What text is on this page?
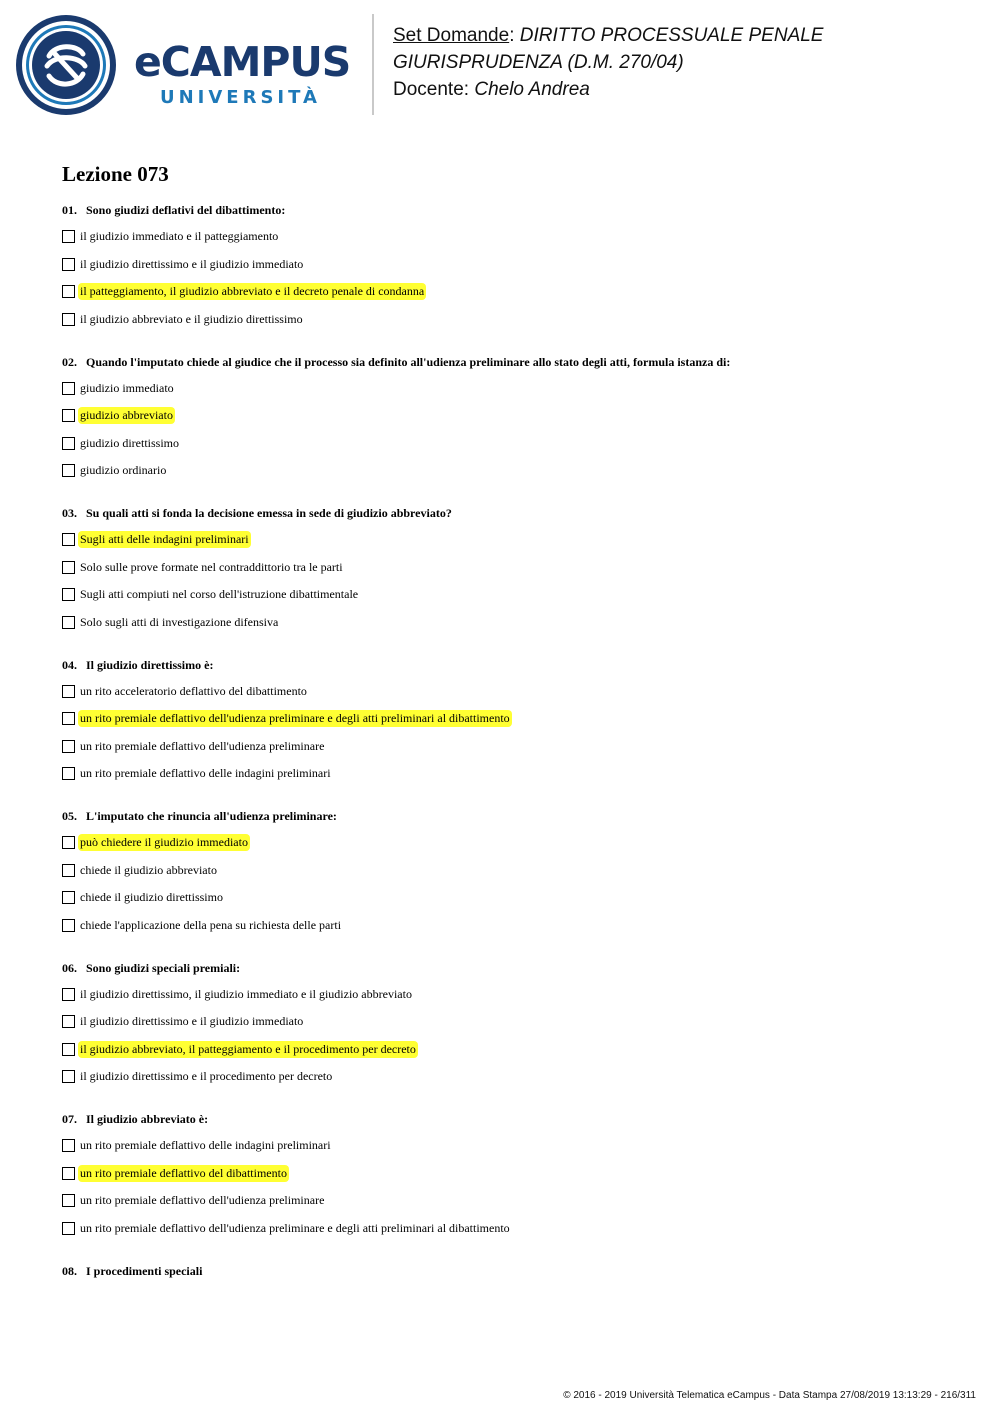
eCAMPUS
UNIVERSITÀ
Set Domande: DIRITTO PROCESSUALE PENALE
GIURISPRUDENZA (D.M. 270/04)
Docente: Chelo Andrea
Lezione 073
01. Sono giudizi deflativi del dibattimento:
il giudizio immediato e il patteggiamento
il giudizio direttissimo e il giudizio immediato
il patteggiamento, il giudizio abbreviato e il decreto penale di condanna
il giudizio abbreviato e il giudizio direttissimo
02. Quando l'imputato chiede al giudice che il processo sia definito all'udienza preliminare allo stato degli atti, formula istanza di:
giudizio immediato
giudizio abbreviato
giudizio direttissimo
giudizio ordinario
03. Su quali atti si fonda la decisione emessa in sede di giudizio abbreviato?
Sugli atti delle indagini preliminari
Solo sulle prove formate nel contraddittorio tra le parti
Sugli atti compiuti nel corso dell'istruzione dibattimentale
Solo sugli atti di investigazione difensiva
04. Il giudizio direttissimo è:
un rito acceleratorio deflattivo del dibattimento
un rito premiale deflattivo dell'udienza preliminare e degli atti preliminari al dibattimento
un rito premiale deflattivo dell'udienza preliminare
un rito premiale deflattivo delle indagini preliminari
05. L'imputato che rinuncia all'udienza preliminare:
può chiedere il giudizio immediato
chiede il giudizio abbreviato
chiede il giudizio direttissimo
chiede l'applicazione della pena su richiesta delle parti
06. Sono giudizi speciali premiali:
il giudizio direttissimo, il giudizio immediato e il giudizio abbreviato
il giudizio direttissimo e il giudizio immediato
il giudizio abbreviato, il patteggiamento e il procedimento per decreto
il giudizio direttissimo e il procedimento per decreto
07. Il giudizio abbreviato è:
un rito premiale deflattivo delle indagini preliminari
un rito premiale deflattivo del dibattimento
un rito premiale deflattivo dell'udienza preliminare
un rito premiale deflattivo dell'udienza preliminare e degli atti preliminari al dibattimento
08. I procedimenti speciali
© 2016 - 2019 Università Telematica eCampus - Data Stampa 27/08/2019 13:13:29 - 216/311
